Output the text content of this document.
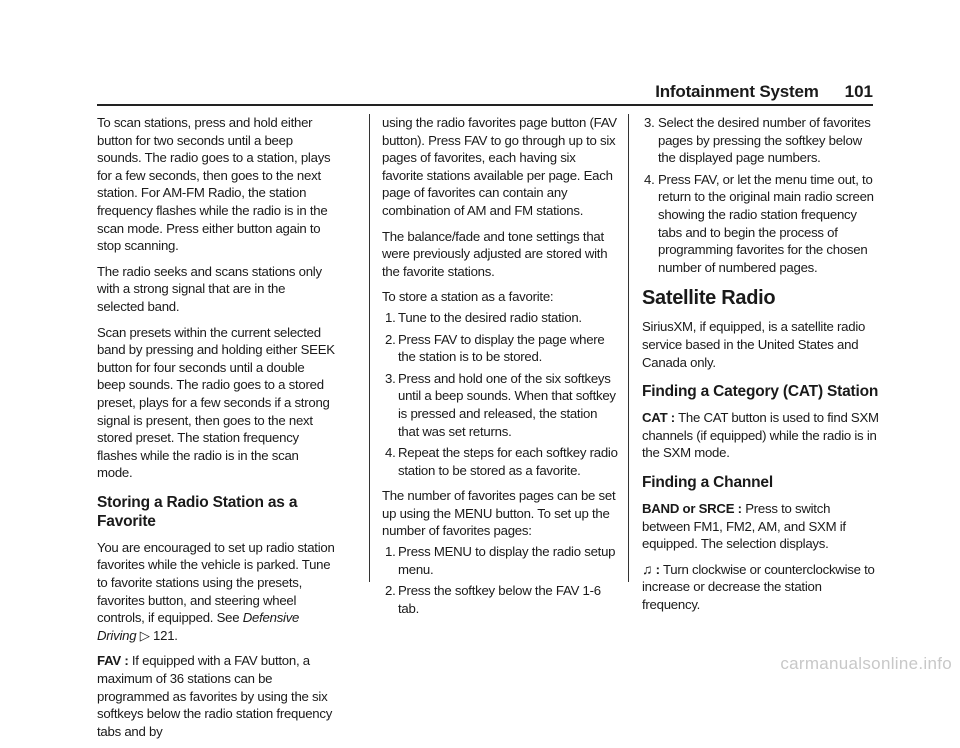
Infotainment System 101

To scan stations, press and hold either button for two seconds until a beep sounds. The radio goes to a station, plays for a few seconds, then goes to the next station. For AM-FM Radio, the station frequency flashes while the radio is in the scan mode. Press either button again to stop scanning.

The radio seeks and scans stations only with a strong signal that are in the selected band.

Scan presets within the current selected band by pressing and holding either SEEK button for four seconds until a double beep sounds. The radio goes to a stored preset, plays for a few seconds if a strong signal is present, then goes to the next stored preset. The station frequency flashes while the radio is in the scan mode.

Storing a Radio Station as a Favorite

You are encouraged to set up radio station favorites while the vehicle is parked. Tune to favorite stations using the presets, favorites button, and steering wheel controls, if equipped. See Defensive Driving ▷ 121.

FAV : If equipped with a FAV button, a maximum of 36 stations can be programmed as favorites by using the six softkeys below the radio station frequency tabs and by

using the radio favorites page button (FAV button). Press FAV to go through up to six pages of favorites, each having six favorite stations available per page. Each page of favorites can contain any combination of AM and FM stations.

The balance/fade and tone settings that were previously adjusted are stored with the favorite stations.

To store a station as a favorite:

1. Tune to the desired radio station.
2. Press FAV to display the page where the station is to be stored.
3. Press and hold one of the six softkeys until a beep sounds. When that softkey is pressed and released, the station that was set returns.
4. Repeat the steps for each softkey radio station to be stored as a favorite.

The number of favorites pages can be set up using the MENU button. To set up the number of favorites pages:

1. Press MENU to display the radio setup menu.
2. Press the softkey below the FAV 1-6 tab.
3. Select the desired number of favorites pages by pressing the softkey below the displayed page numbers.
4. Press FAV, or let the menu time out, to return to the original main radio screen showing the radio station frequency tabs and to begin the process of programming favorites for the chosen number of numbered pages.
Satellite Radio

SiriusXM, if equipped, is a satellite radio service based in the United States and Canada only.

Finding a Category (CAT) Station

CAT : The CAT button is used to find SXM channels (if equipped) while the radio is in the SXM mode.

Finding a Channel

BAND or SRCE : Press to switch between FM1, FM2, AM, and SXM if equipped. The selection displays.

♫ : Turn clockwise or counterclockwise to increase or decrease the station frequency.

carmanualsonline.info
